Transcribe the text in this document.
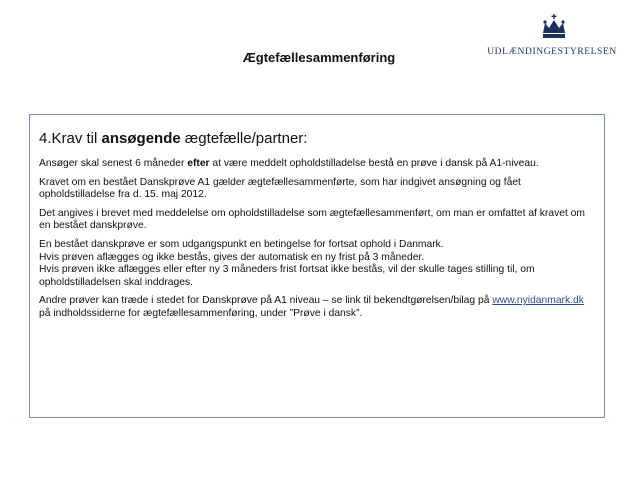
Ægtefællesammenføring	UDLÆNDINGESTYRELSEN
4.Krav til ansøgende ægtefælle/partner:

Ansøger skal senest 6 måneder efter at være meddelt opholdstilladelse bestå en prøve i dansk på A1-niveau.

Kravet om en bestået Danskprøve A1 gælder ægtefællesammenførte, som har indgivet ansøgning og fået opholdstilladelse fra d. 15. maj 2012.

Det angives i brevet med meddelelse om opholdstilladelse som ægtefællesammenført, om man er omfattet af kravet om en bestået danskprøve.

En bestået danskprøve er som udgangspunkt en betingelse for fortsat ophold i Danmark.
Hvis prøven aflægges og ikke bestås, gives der automatisk en ny frist på 3 måneder.
Hvis prøven ikke aflægges eller efter ny 3 måneders frist fortsat ikke bestås, vil der skulle tages stilling til, om opholdstilladelsen skal inddrages.

Andre prøver kan træde i stedet for Danskprøve på A1 niveau – se link til bekendtgørelsen/bilag på www.nyidanmark.dk på indholdssiderne for ægtefællesammenføring, under ”Prøve i dansk”.
